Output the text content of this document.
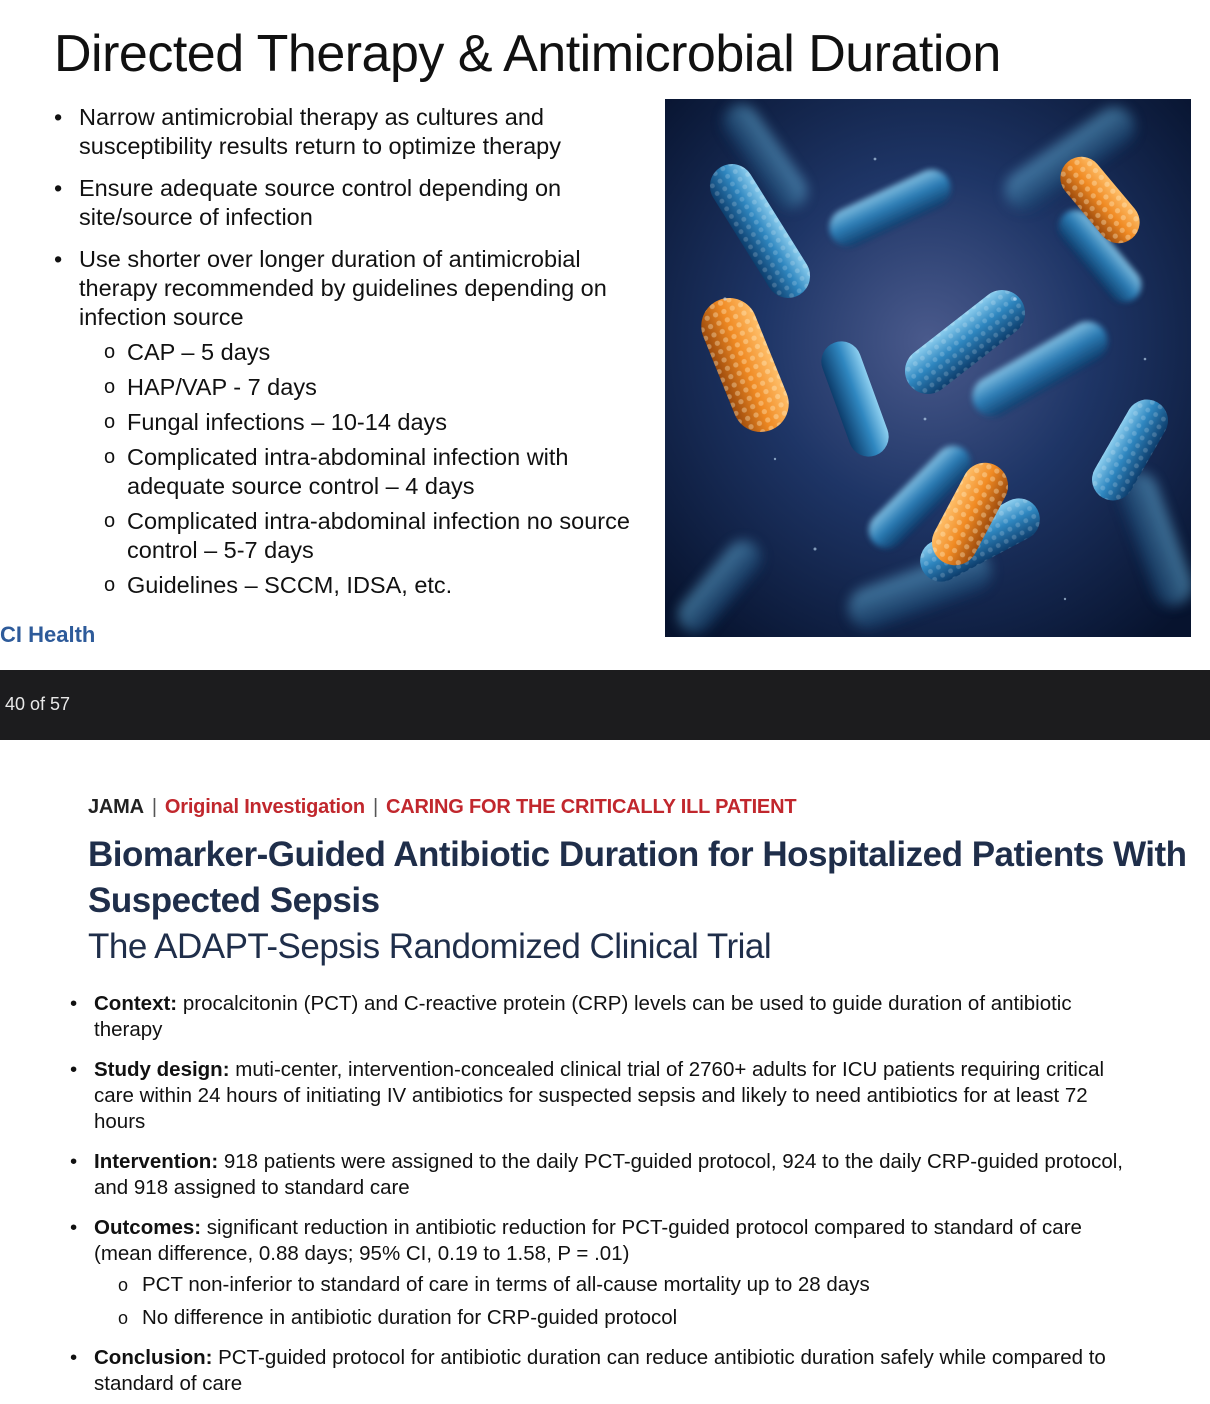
Directed Therapy & Antimicrobial Duration
• Narrow antimicrobial therapy as cultures and susceptibility results return to optimize therapy
• Ensure adequate source control depending on site/source of infection
• Use shorter over longer duration of antimicrobial therapy recommended by guidelines depending on infection source
o CAP – 5 days
o HAP/VAP - 7 days
o Fungal infections – 10-14 days
o Complicated intra-abdominal infection with adequate source control – 4 days
o Complicated intra-abdominal infection no source control – 5-7 days
o Guidelines – SCCM, IDSA, etc.
CI Health
40 of 57
JAMA | Original Investigation | CARING FOR THE CRITICALLY ILL PATIENT
Biomarker-Guided Antibiotic Duration for Hospitalized Patients With Suspected Sepsis
The ADAPT-Sepsis Randomized Clinical Trial
• Context: procalcitonin (PCT) and C-reactive protein (CRP) levels can be used to guide duration of antibiotic therapy
• Study design: muti-center, intervention-concealed clinical trial of 2760+ adults for ICU patients requiring critical care within 24 hours of initiating IV antibiotics for suspected sepsis and likely to need antibiotics for at least 72 hours
• Intervention: 918 patients were assigned to the daily PCT-guided protocol, 924 to the daily CRP-guided protocol, and 918 assigned to standard care
• Outcomes: significant reduction in antibiotic reduction for PCT-guided protocol compared to standard of care (mean difference, 0.88 days; 95% CI, 0.19 to 1.58, P = .01)
o PCT non-inferior to standard of care in terms of all-cause mortality up to 28 days
o No difference in antibiotic duration for CRP-guided protocol
• Conclusion: PCT-guided protocol for antibiotic duration can reduce antibiotic duration safely while compared to standard of care
